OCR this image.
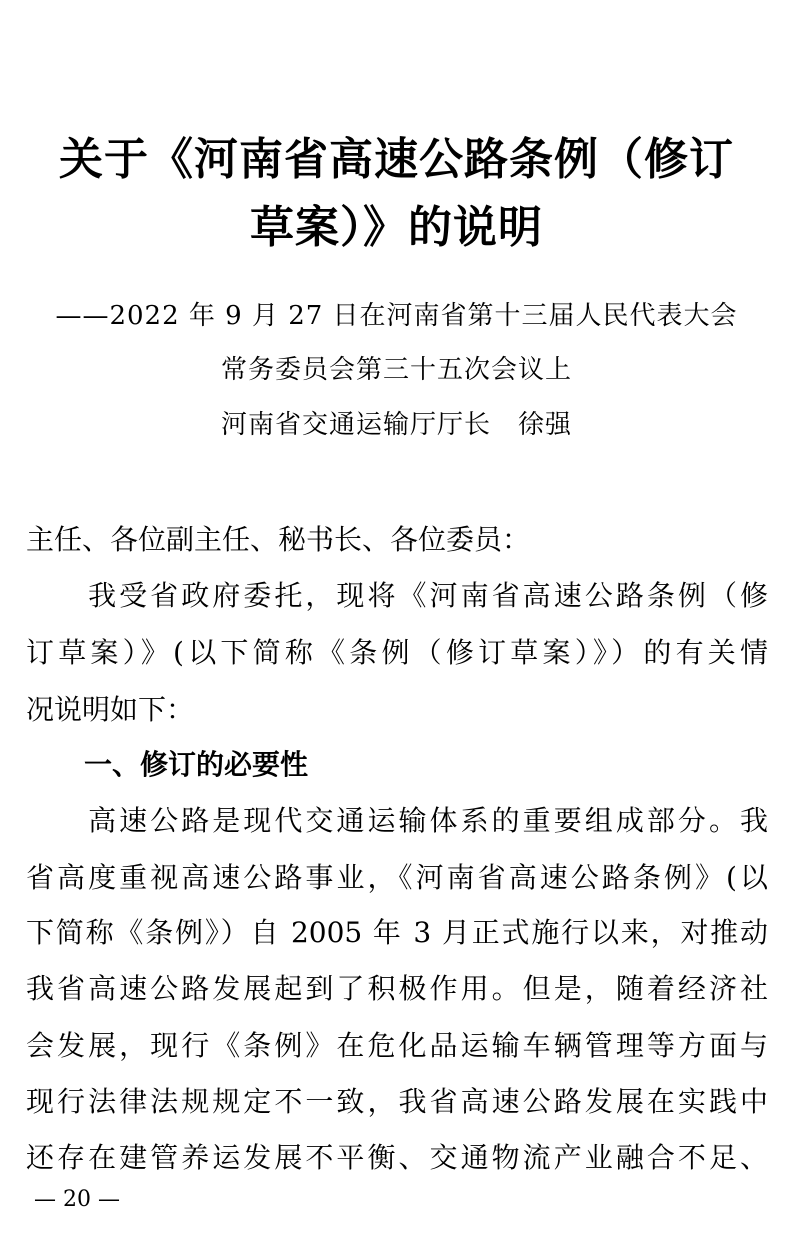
关于《河南省高速公路条例（修订
草案）》的说明
——2022 年 9 月 27 日在河南省第十三届人民代表大会
常务委员会第三十五次会议上
河南省交通运输厅厅长　徐强
主任、各位副主任、秘书长、各位委员：
　　我受省政府委托，现将《河南省高速公路条例（修
订草案）》(以下简称《条例（修订草案）》）的有关情
况说明如下：
一、修订的必要性
　　高速公路是现代交通运输体系的重要组成部分。我
省高度重视高速公路事业，《河南省高速公路条例》(以
下简称《条例》）自 2005 年 3 月正式施行以来，对推动
我省高速公路发展起到了积极作用。但是，随着经济社
会发展，现行《条例》在危化品运输车辆管理等方面与
现行法律法规规定不一致，我省高速公路发展在实践中
还存在建管养运发展不平衡、交通物流产业融合不足、
— 20 —
